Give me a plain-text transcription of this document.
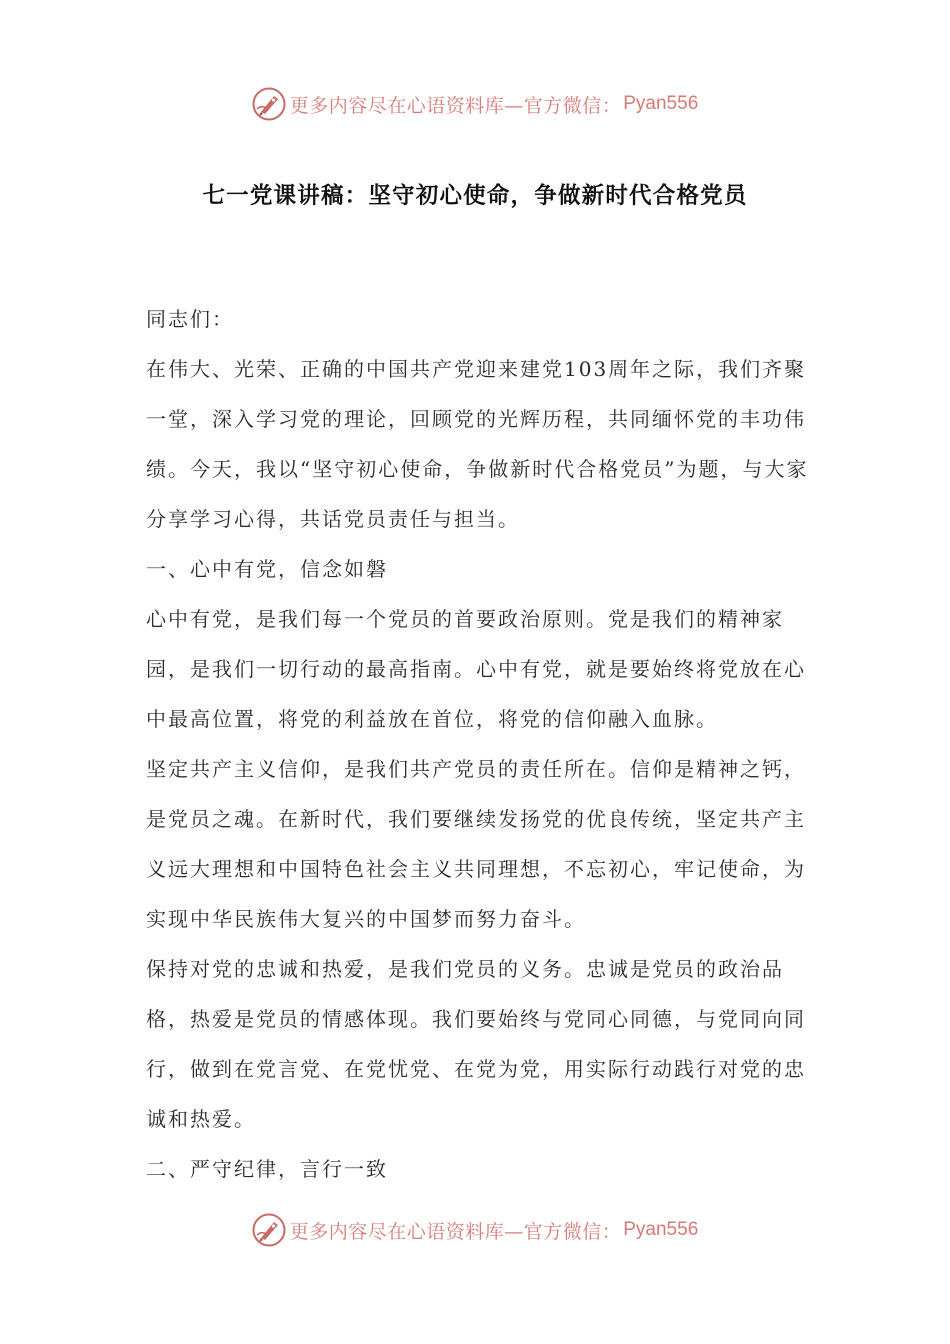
更多内容尽在心语资料库—官方微信： Pyan556
七一党课讲稿：坚守初心使命，争做新时代合格党员

同志们：

在伟大、光荣、正确的中国共产党迎来建党103周年之际，我们齐聚一堂，深入学习党的理论，回顾党的光辉历程，共同缅怀党的丰功伟绩。今天，我以“坚守初心使命，争做新时代合格党员”为题，与大家分享学习心得，共话党员责任与担当。

一、心中有党，信念如磐

心中有党，是我们每一个党员的首要政治原则。党是我们的精神家园，是我们一切行动的最高指南。心中有党，就是要始终将党放在心中最高位置，将党的利益放在首位，将党的信仰融入血脉。

坚定共产主义信仰，是我们共产党员的责任所在。信仰是精神之钙，是党员之魂。在新时代，我们要继续发扬党的优良传统，坚定共产主义远大理想和中国特色社会主义共同理想，不忘初心，牢记使命，为实现中华民族伟大复兴的中国梦而努力奋斗。

保持对党的忠诚和热爱，是我们党员的义务。忠诚是党员的政治品格，热爱是党员的情感体现。我们要始终与党同心同德，与党同向同行，做到在党言党、在党忧党、在党为党，用实际行动践行对党的忠诚和热爱。

二、严守纪律，言行一致

更多内容尽在心语资料库—官方微信： Pyan556
